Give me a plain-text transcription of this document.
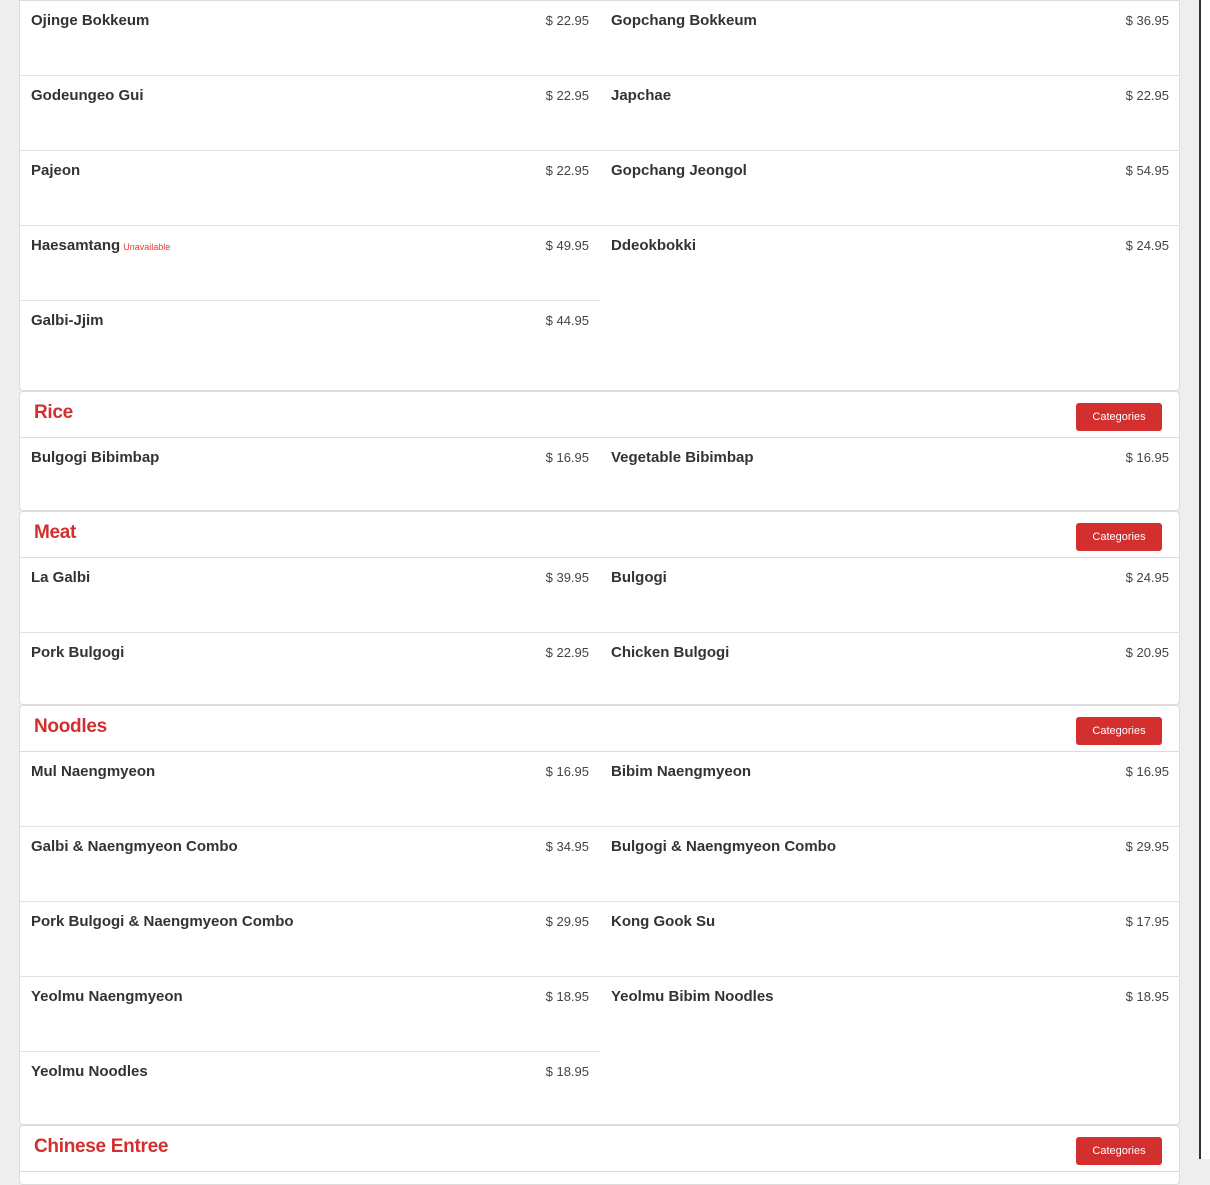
Ojinge Bokkeum	$ 22.95 Gopchang Bokkeum	$ 36.95
Godeungeo Gui	$ 22.95 Japchae	$ 22.95
Pajeon	$ 22.95 Gopchang Jeongol	$ 54.95
Haesamtang Unavailable	$ 49.95 Ddeokbokki	$ 24.95
Galbi-Jjim	$ 44.95
Rice	Categories
Bulgogi Bibimbap	$ 16.95 Vegetable Bibimbap	$ 16.95
Meat	Categories
La Galbi	$ 39.95 Bulgogi	$ 24.95
Pork Bulgogi	$ 22.95 Chicken Bulgogi	$ 20.95
Noodles	Categories
Mul Naengmyeon	$ 16.95 Bibim Naengmyeon	$ 16.95
Galbi & Naengmyeon Combo	$ 34.95 Bulgogi & Naengmyeon Combo	$ 29.95
Pork Bulgogi & Naengmyeon Combo	$ 29.95 Kong Gook Su	$ 17.95
Yeolmu Naengmyeon	$ 18.95 Yeolmu Bibim Noodles	$ 18.95
Yeolmu Noodles	$ 18.95
Chinese Entree	Categories
